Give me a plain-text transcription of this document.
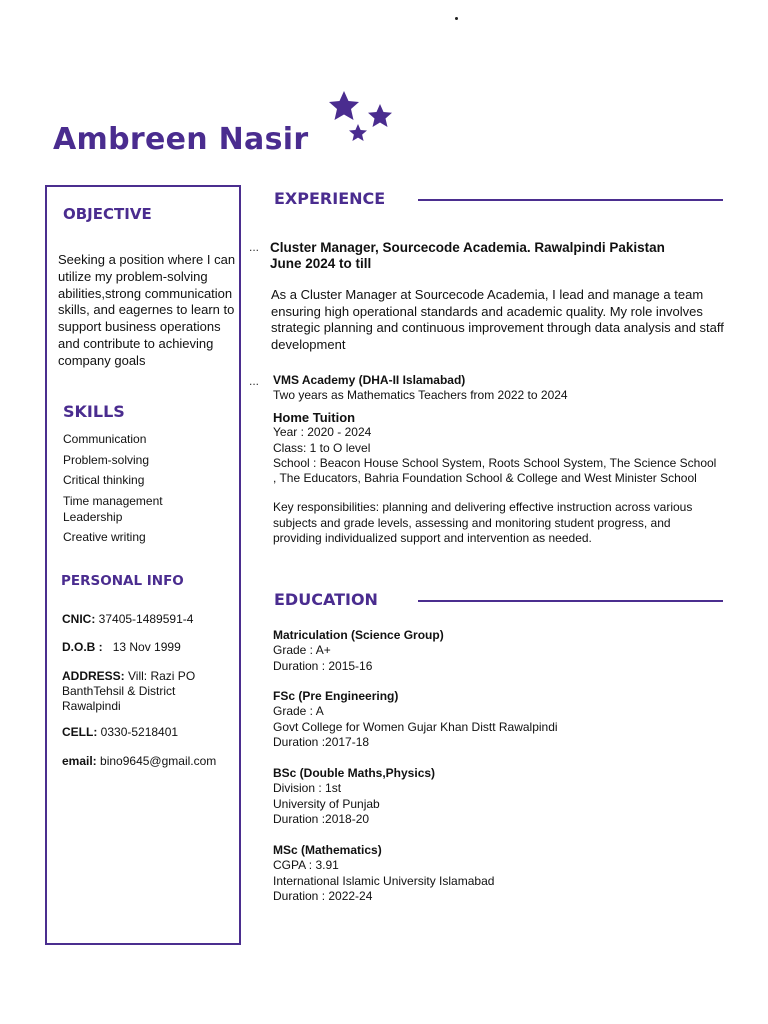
Ambreen Nasir
OBJECTIVE
Seeking a position where I can utilize my problem-solving abilities,strong communication skills, and eagernes to learn to support business operations and contribute to achieving company goals
SKILLS
Communication
Problem-solving
Critical thinking
Time management
Leadership
Creative writing
PERSONAL INFO
CNIC: 37405-1489591-4
D.O.B : 13 Nov 1999
ADDRESS: Vill: Razi PO BanthTehsil & District Rawalpindi
CELL: 0330-5218401
email: bino9645@gmail.com
EXPERIENCE
... Cluster Manager, Sourcecode Academia. Rawalpindi Pakistan
June 2024 to till
As a Cluster Manager at Sourcecode Academia, I lead and manage a team ensuring high operational standards and academic quality. My role involves strategic planning and continuous improvement through data analysis and staff development
... VMS Academy (DHA-II Islamabad)
Two years as Mathematics Teachers from 2022 to 2024
Home Tuition
Year : 2020 - 2024
Class: 1 to O level
School : Beacon House School System, Roots School System, The Science School , The Educators, Bahria Foundation School & College and West Minister School
Key responsibilities: planning and delivering effective instruction across various subjects and grade levels, assessing and monitoring student progress, and providing individualized support and intervention as needed.
EDUCATION
Matriculation (Science Group)
Grade : A+
Duration : 2015-16
FSc (Pre Engineering)
Grade : A
Govt College for Women Gujar Khan Distt Rawalpindi
Duration :2017-18
BSc (Double Maths,Physics)
Division : 1st
University of Punjab
Duration :2018-20
MSc (Mathematics)
CGPA : 3.91
International Islamic University Islamabad
Duration : 2022-24
